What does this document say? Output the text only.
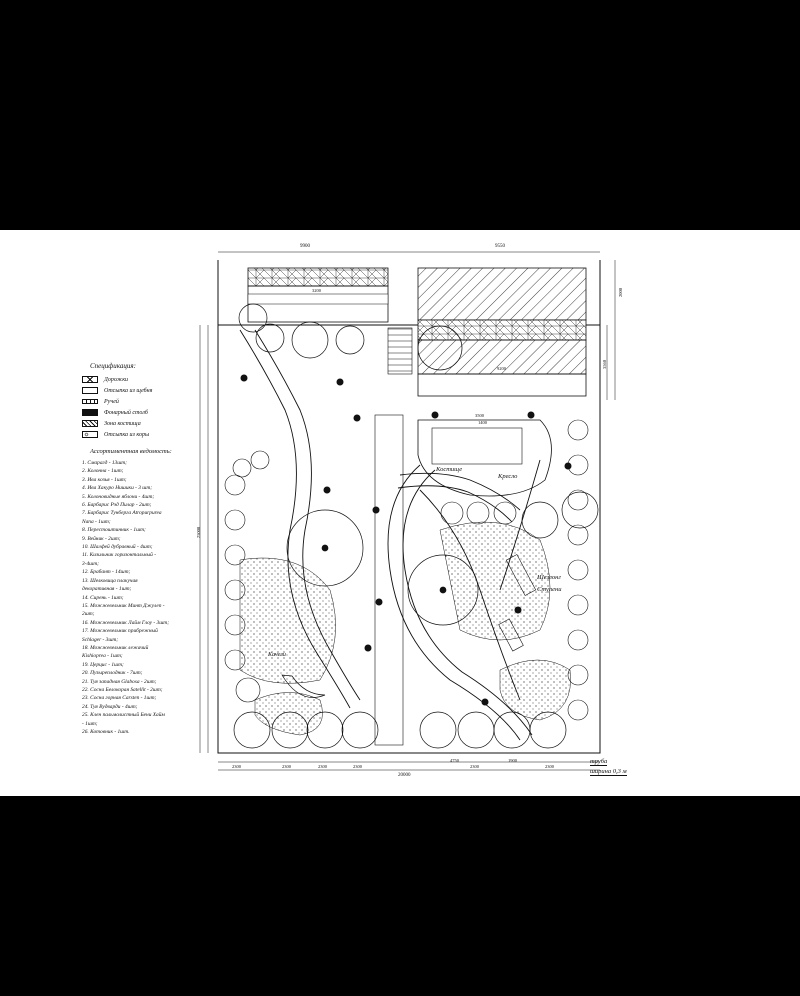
9900	9550
3200
9200
3500
1400
20000
2300	2300	2300	2300
4750
2300
1900
2300
25000
2000
3560
Костище
Кресло
Шезлонг
Ступени
Качели
труба
ширина 0,3 м
Спецификация:
Дорожки
Отсыпка из щебня
Ручей
Фонарный столб
Зона костища
Отсыпка из коры
Ассортиментная ведомость:
1. Смарагд - 13шт;
2. Колонна - 1шт;
3. Ива козья - 1шт;
4. Ива Хакуро Нишики - 3 шт;
5. Колоновидные яблони - 4шт;
6. Барбарис Рэд Пилар - 2шт;
7. Барбарис Тунберга Atropurpurea
Nana - 1шт;
8. Перестоштинник - 1шт;
9. Вейник - 2шт;
10. Шалфей дубравный - 4шт;
11. Кизильник горизонтальный -
3-4шт;
12. Брабант - 14шт;
13. Шелковица плакучая
декоративная - 1шт;
14. Сирень - 1шт;
15. Можжевельник Минт Джулеп -
2шт;
16. Можжевельник Лайм Глоу - 3шт;
17. Можжевельник прибрежный
Schlager - 3шт;
18. Можжевельник лежачий
Kishioprea - 1шт;
19. Церцис - 1шт;
20. Пузыреплодник - 7шт;
21. Туя западная Glabosa - 2шт;
22. Сосна Белокорая Satellit - 2шт;
23. Сосна горная Carsten - 1шт;
24. Туя Вудварди - 4шт;
25. Клен пальмолистный Бени Хайм
- 1шт;
26. Котовник - 1шт.
